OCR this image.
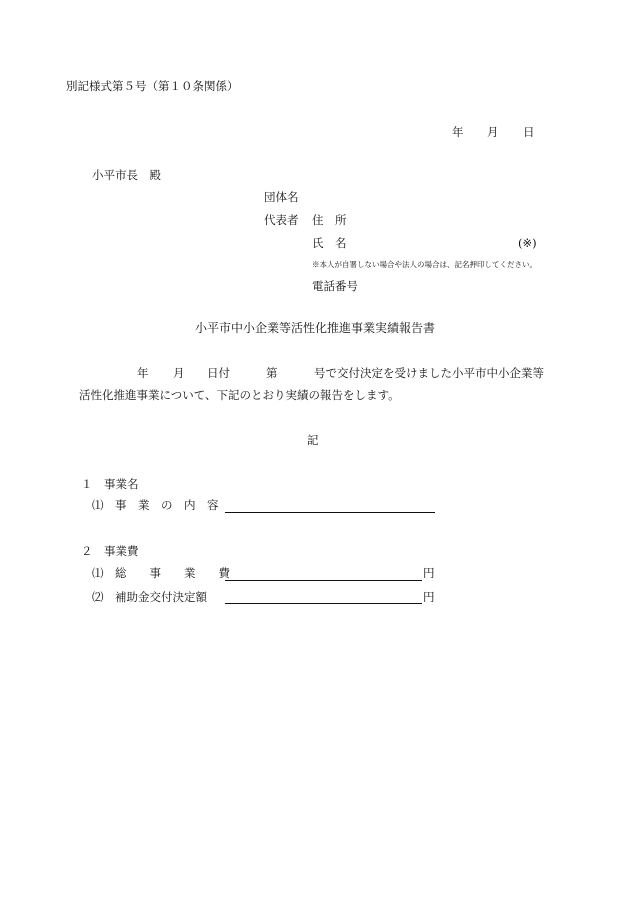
別記様式第５号（第１０条関係）
年 月 日
小平市長　殿
団体名
代表者 住　所
氏　名	(※)
※本人が自署しない場合や法人の場合は、記名押印してください。
電話番号
小平市中小企業等活性化推進事業実績報告書
年 月 日付	第	号で交付決定を受けました小平市中小企業等
活性化推進事業について、下記のとおり実績の報告をします。
記
１　事業名
⑴　事　業　の　内　容
２　事業費
⑴　総　　事　　業　　費	円
⑵　補助金交付決定額	円
